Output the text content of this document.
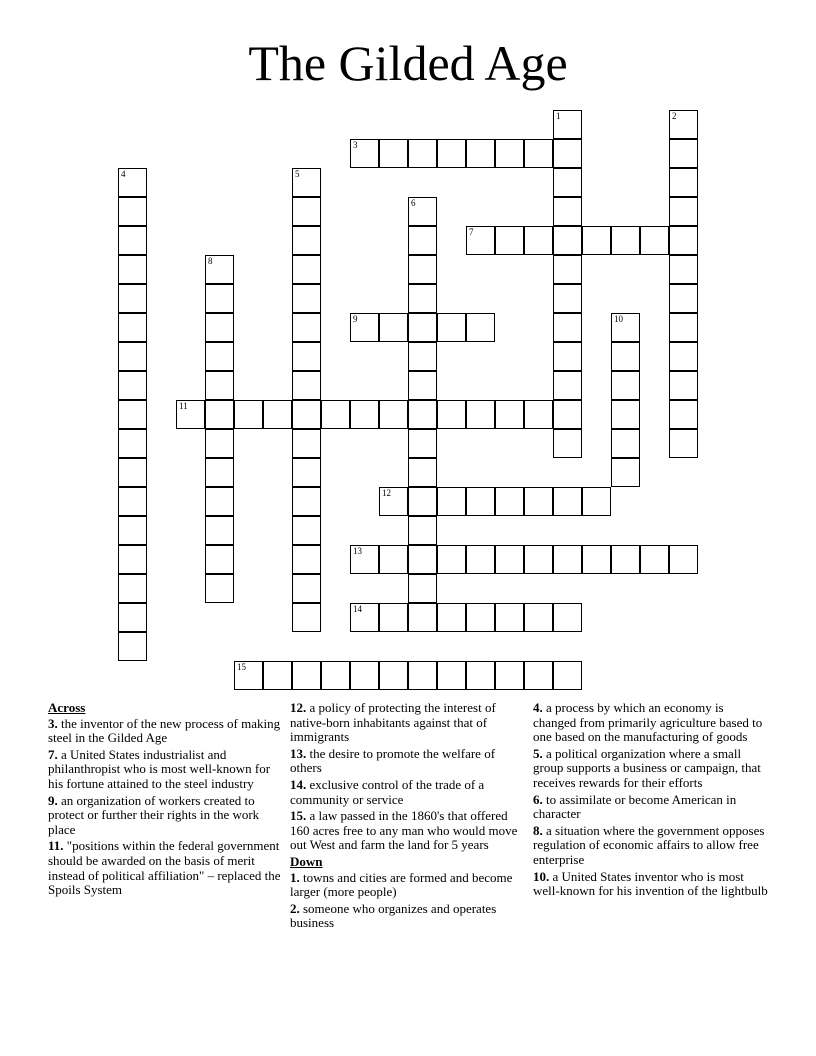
The Gilded Age
1	2
3
4	5
6
7
8
9	10
11
12
13
14
15
Across
3. the inventor of the new process of making steel in the Gilded Age
7. a United States industrialist and philanthropist who is most well-known for his fortune attained to the steel industry
9. an organization of workers created to protect or further their rights in the work place
11. "positions within the federal government should be awarded on the basis of merit instead of political affiliation" – replaced the Spoils System
12. a policy of protecting the interest of native-born inhabitants against that of immigrants
13. the desire to promote the welfare of others
14. exclusive control of the trade of a community or service
15. a law passed in the 1860's that offered 160 acres free to any man who would move out West and farm the land for 5 years
Down
1. towns and cities are formed and become larger (more people)
2. someone who organizes and operates business
4. a process by which an economy is changed from primarily agriculture based to one based on the manufacturing of goods
5. a political organization where a small group supports a business or campaign, that receives rewards for their efforts
6. to assimilate or become American in character
8. a situation where the government opposes regulation of economic affairs to allow free enterprise
10. a United States inventor who is most well-known for his invention of the lightbulb
